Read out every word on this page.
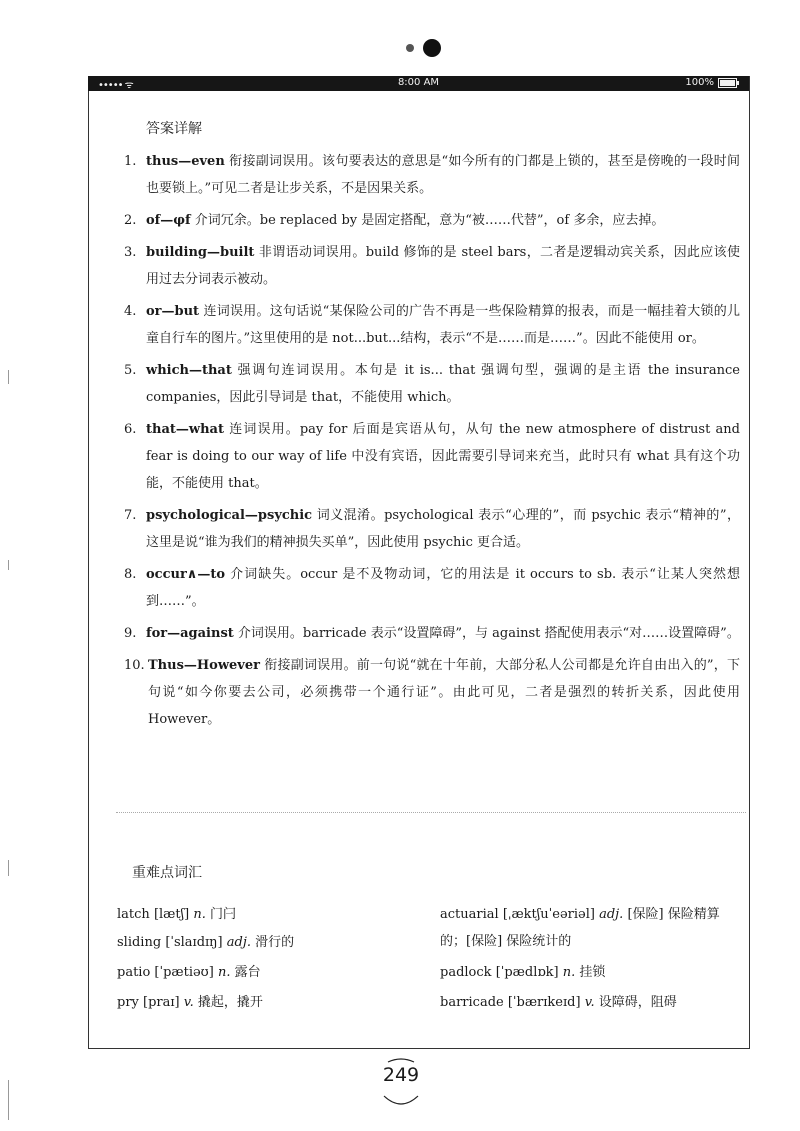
••••• ᯤ	8:00 AM	100%
答案详解
1. thus—even 衔接副词误用。该句要表达的意思是“如今所有的门都是上锁的，甚至是傍晚的一段时间也要锁上。”可见二者是让步关系，不是因果关系。
2. of—φf 介词冗余。be replaced by 是固定搭配，意为“被……代替”，of 多余，应去掉。
3. building—built 非谓语动词误用。build 修饰的是 steel bars，二者是逻辑动宾关系，因此应该使用过去分词表示被动。
4. or—but 连词误用。这句话说“某保险公司的广告不再是一些保险精算的报表，而是一幅挂着大锁的儿童自行车的图片。”这里使用的是 not...but...结构，表示“不是……而是……”。因此不能使用 or。
5. which—that 强调句连词误用。本句是 it is... that 强调句型，强调的是主语 the insurance companies，因此引导词是 that，不能使用 which。
6. that—what 连词误用。pay for 后面是宾语从句，从句 the new atmosphere of distrust and fear is doing to our way of life 中没有宾语，因此需要引导词来充当，此时只有 what 具有这个功能，不能使用 that。
7. psychological—psychic 词义混淆。psychological 表示“心理的”，而 psychic 表示“精神的”，这里是说“谁为我们的精神损失买单”，因此使用 psychic 更合适。
8. occur∧—to 介词缺失。occur 是不及物动词，它的用法是 it occurs to sb. 表示“让某人突然想到……”。
9. for—against 介词误用。barricade 表示“设置障碍”，与 against 搭配使用表示“对……设置障碍”。
10. Thus—However 衔接副词误用。前一句说“就在十年前，大部分私人公司都是允许自由出入的”，下句说“如今你要去公司，必须携带一个通行证”。由此可见，二者是强烈的转折关系，因此使用 However。
重难点词汇
latch [lætʃ] n. 门闩
sliding [ˈslaɪdɪŋ] adj. 滑行的
patio [ˈpætiəʊ] n. 露台
pry [praɪ] v. 撬起，撬开
actuarial [ˌæktʃuˈeəriəl] adj. [保险] 保险精算的；[保险] 保险统计的
padlock [ˈpædlɒk] n. 挂锁
barricade [ˈbærɪkeɪd] v. 设障碍，阻碍
249
